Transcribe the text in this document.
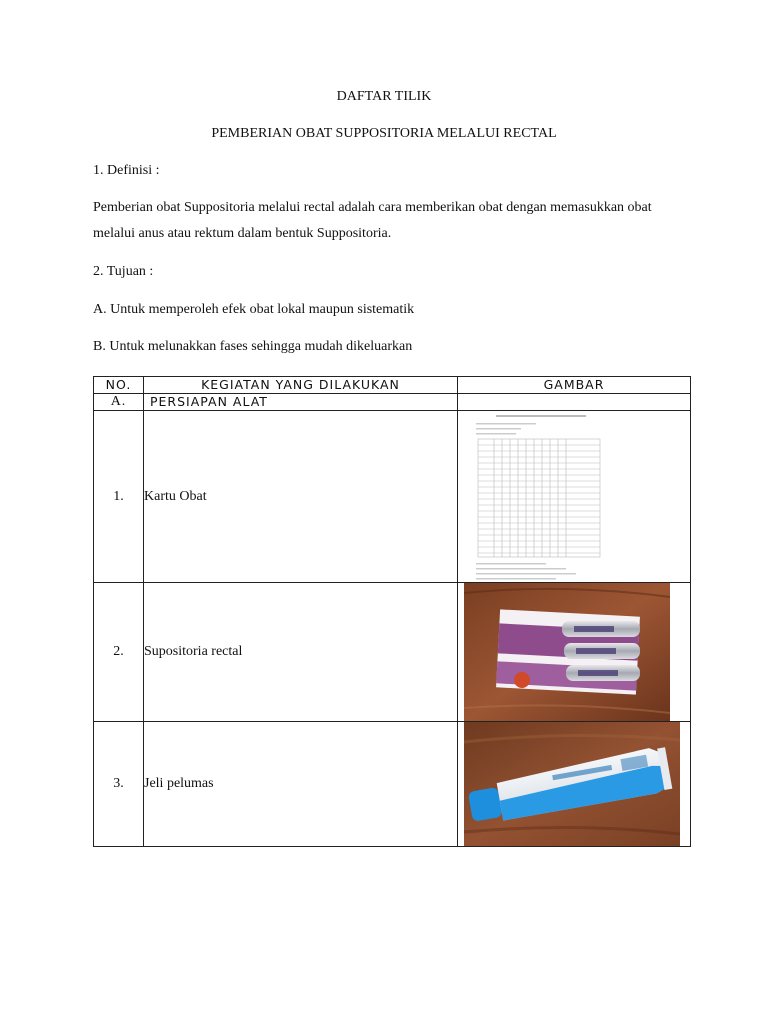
DAFTAR TILIK
PEMBERIAN OBAT SUPPOSITORIA MELALUI RECTAL
1. Definisi :
Pemberian obat Suppositoria melalui rectal adalah cara memberikan obat dengan memasukkan obat melalui anus atau rektum dalam bentuk Suppositoria.
2. Tujuan :
A. Untuk memperoleh efek obat lokal maupun sistematik
B. Untuk melunakkan fases sehingga mudah dikeluarkan
NO.	KEGIATAN YANG DILAKUKAN	GAMBAR
A.	PERSIAPAN ALAT	
1.	Kartu Obat	

2.	Supositoria rectal	

3.	Jeli pelumas	
